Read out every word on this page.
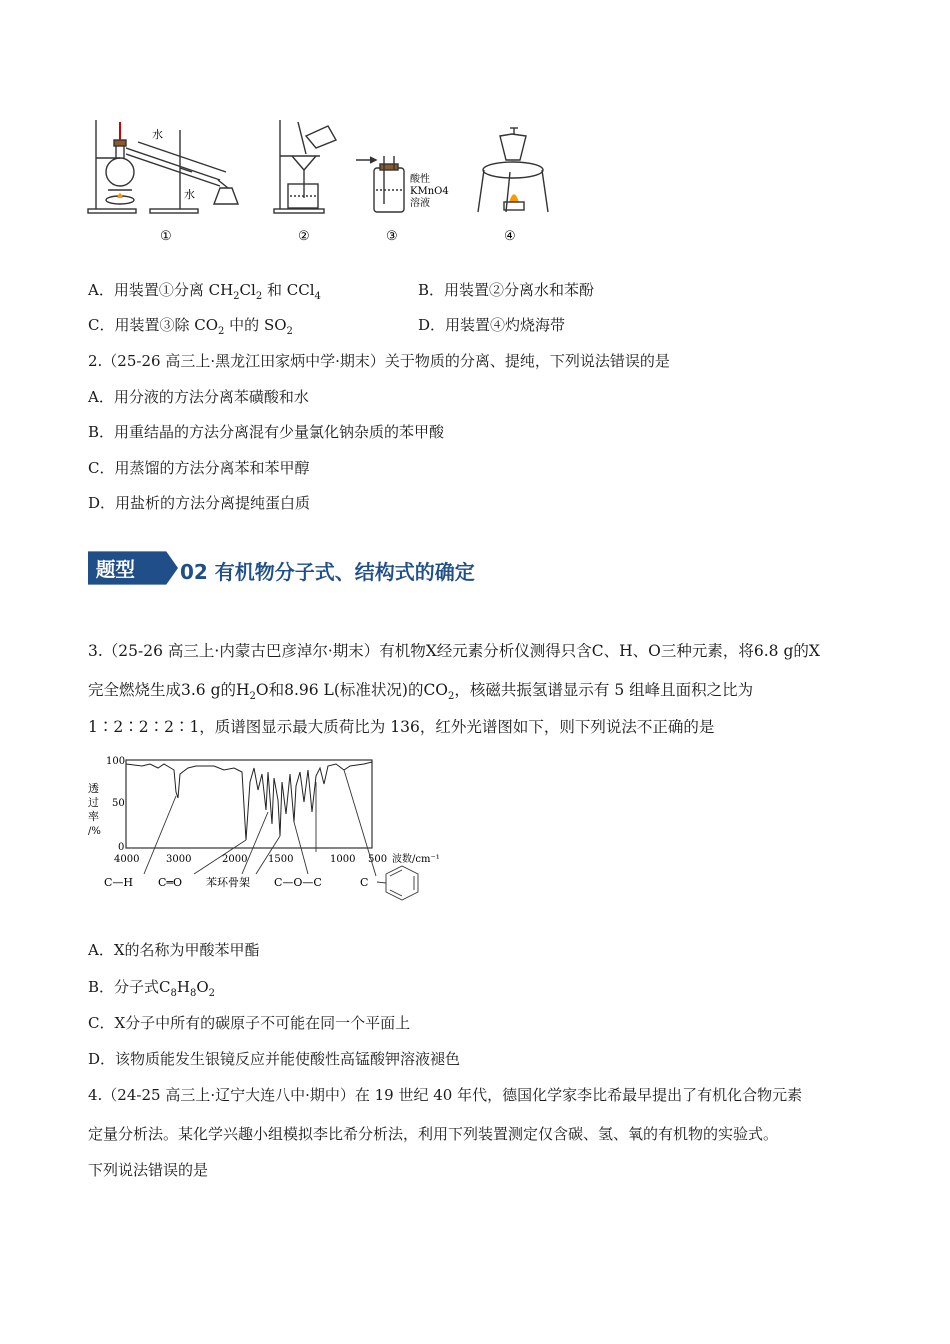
水
水
酸性
KMnO4
溶液
①	②	③	④
A．用装置①分离 $CH_2Cl_2$ 和 CCl$_4$	B．用装置②分离水和苯酚
C．用装置③除 $CO_2$ 中的 $SO_2$	D．用装置④灼烧海带
2.（25-26 高三上·黑龙江田家炳中学·期末）关于物质的分离、提纯，下列说法错误的是
A．用分液的方法分离苯磺酸和水
B．用重结晶的方法分离混有少量氯化钠杂质的苯甲酸
C．用蒸馏的方法分离苯和苯甲醇
D．用盐析的方法分离提纯蛋白质
题型 02 有机物分子式、结构式的确定
3.（25-26 高三上·内蒙古巴彦淖尔·期末）有机物X经元素分析仪测得只含C、H、O三种元素，将6.8 g的X
完全燃烧生成3.6 g的$H_2O$和8.96 L(标准状况)的$CO_2$，核磁共振氢谱显示有 5 组峰且面积之比为
1∶2∶2∶2∶1，质谱图显示最大质荷比为 136，红外光谱图如下，则下列说法不正确的是
100
50
0
透
过
率
/%
4000	3000	2000 1500	1000 500 波数/cm⁻¹
C—H C═O 苯环骨架 C—O—C	C
A．X的名称为甲酸苯甲酯
B．分子式$C_8H_8O_2$
C．X分子中所有的碳原子不可能在同一个平面上
D．该物质能发生银镜反应并能使酸性高锰酸钾溶液褪色
4.（24-25 高三上·辽宁大连八中·期中）在 19 世纪 40 年代，德国化学家李比希最早提出了有机化合物元素
定量分析法。某化学兴趣小组模拟李比希分析法，利用下列装置测定仅含碳、氢、氧的有机物的实验式。
下列说法错误的是
